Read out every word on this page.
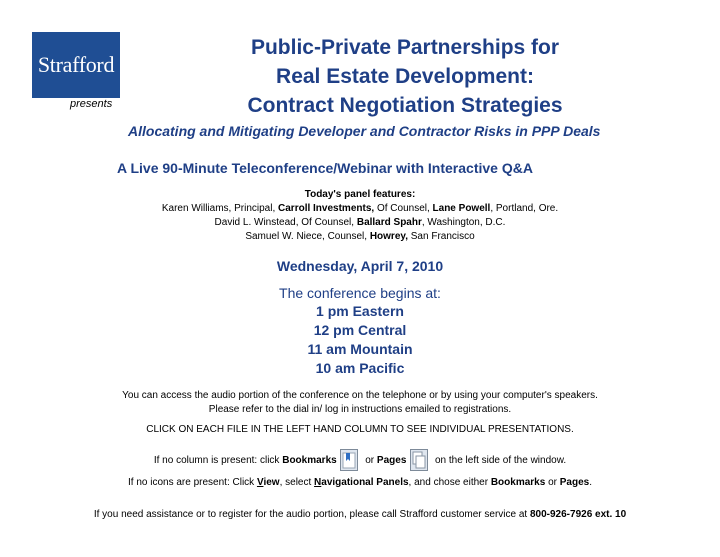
Strafford
presents
Public-Private Partnerships for
Real Estate Development:
Contract Negotiation Strategies
Allocating and Mitigating Developer and Contractor Risks in PPP Deals
A Live 90-Minute Teleconference/Webinar with Interactive Q&A
Today's panel features:
Karen Williams, Principal, Carroll Investments, Of Counsel, Lane Powell, Portland, Ore.
David L. Winstead, Of Counsel, Ballard Spahr, Washington, D.C.
Samuel W. Niece, Counsel, Howrey, San Francisco
Wednesday, April 7, 2010
The conference begins at:
1 pm Eastern
12 pm Central
11 am Mountain
10 am Pacific
You can access the audio portion of the conference on the telephone or by using your computer's speakers.
Please refer to the dial in/ log in instructions emailed to registrations.
CLICK ON EACH FILE IN THE LEFT HAND COLUMN TO SEE INDIVIDUAL PRESENTATIONS.
If no column is present: click Bookmarks	or Pages	on the left side of the window.
If no icons are present: Click View, select Navigational Panels, and chose either Bookmarks or Pages.
If you need assistance or to register for the audio portion, please call Strafford customer service at 800-926-7926 ext. 10
